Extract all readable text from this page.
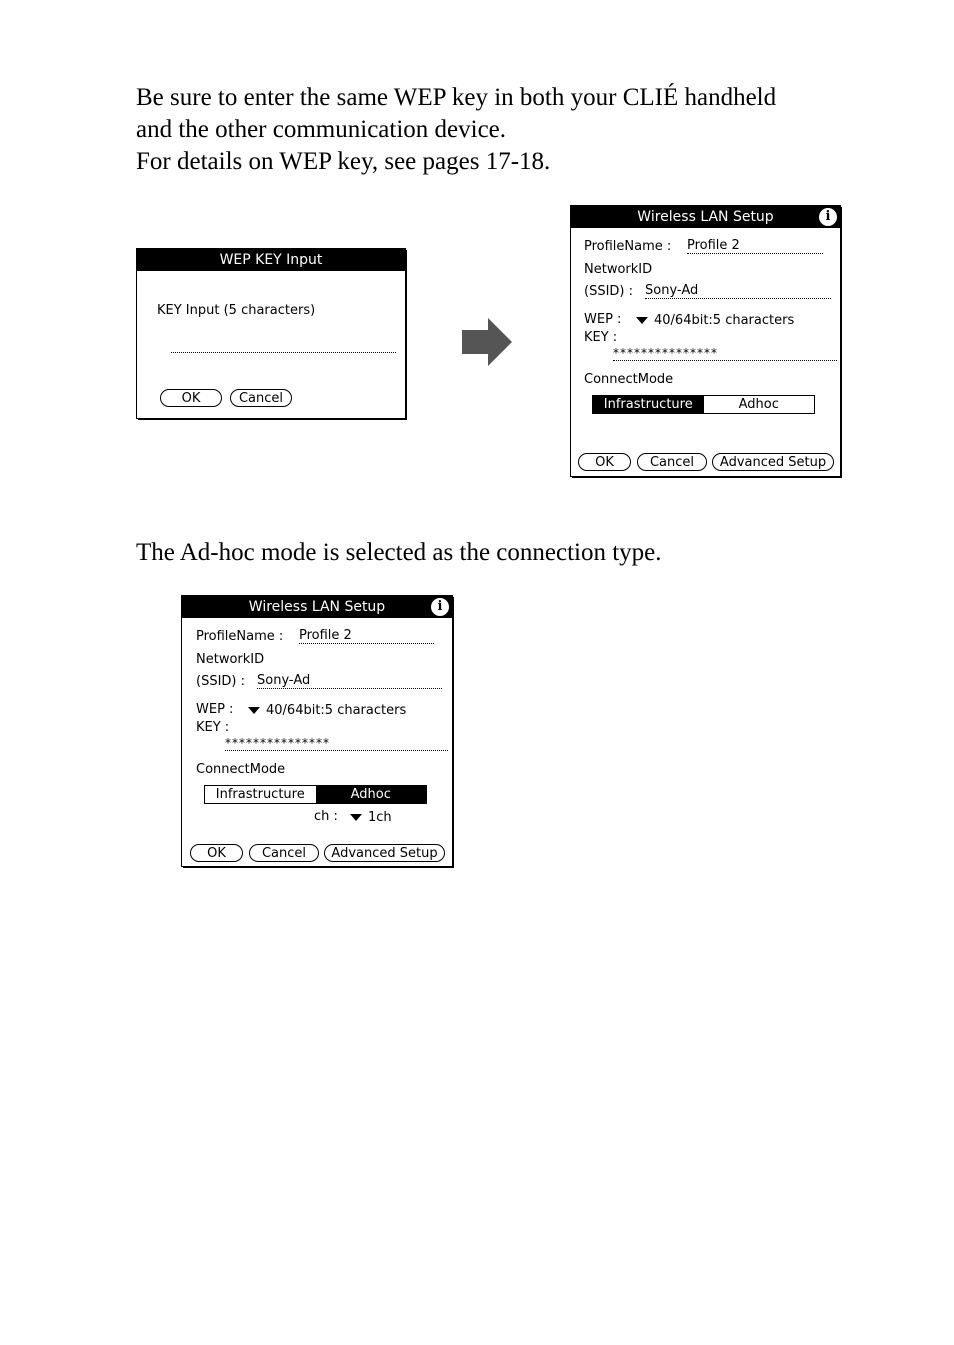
Be sure to enter the same WEP key in both your CLIÉ handheld
and the other communication device.
For details on WEP key, see pages 17-18.
WEP KEY Input
KEY Input (5 characters)
OK	Cancel
Wireless LAN Setup	i
ProfileName : Profile 2
NetworkID
(SSID) : Sony-Ad
WEP :	40/64bit:5 characters
KEY :
***************
ConnectMode
Infrastructure	Adhoc
OK	Cancel	Advanced Setup
The Ad-hoc mode is selected as the connection type.
Wireless LAN Setup	i
ProfileName : Profile 2
NetworkID
(SSID) : Sony-Ad
WEP :	40/64bit:5 characters
KEY :
***************
ConnectMode
Infrastructure	Adhoc
ch :	1ch
OK	Cancel	Advanced Setup
